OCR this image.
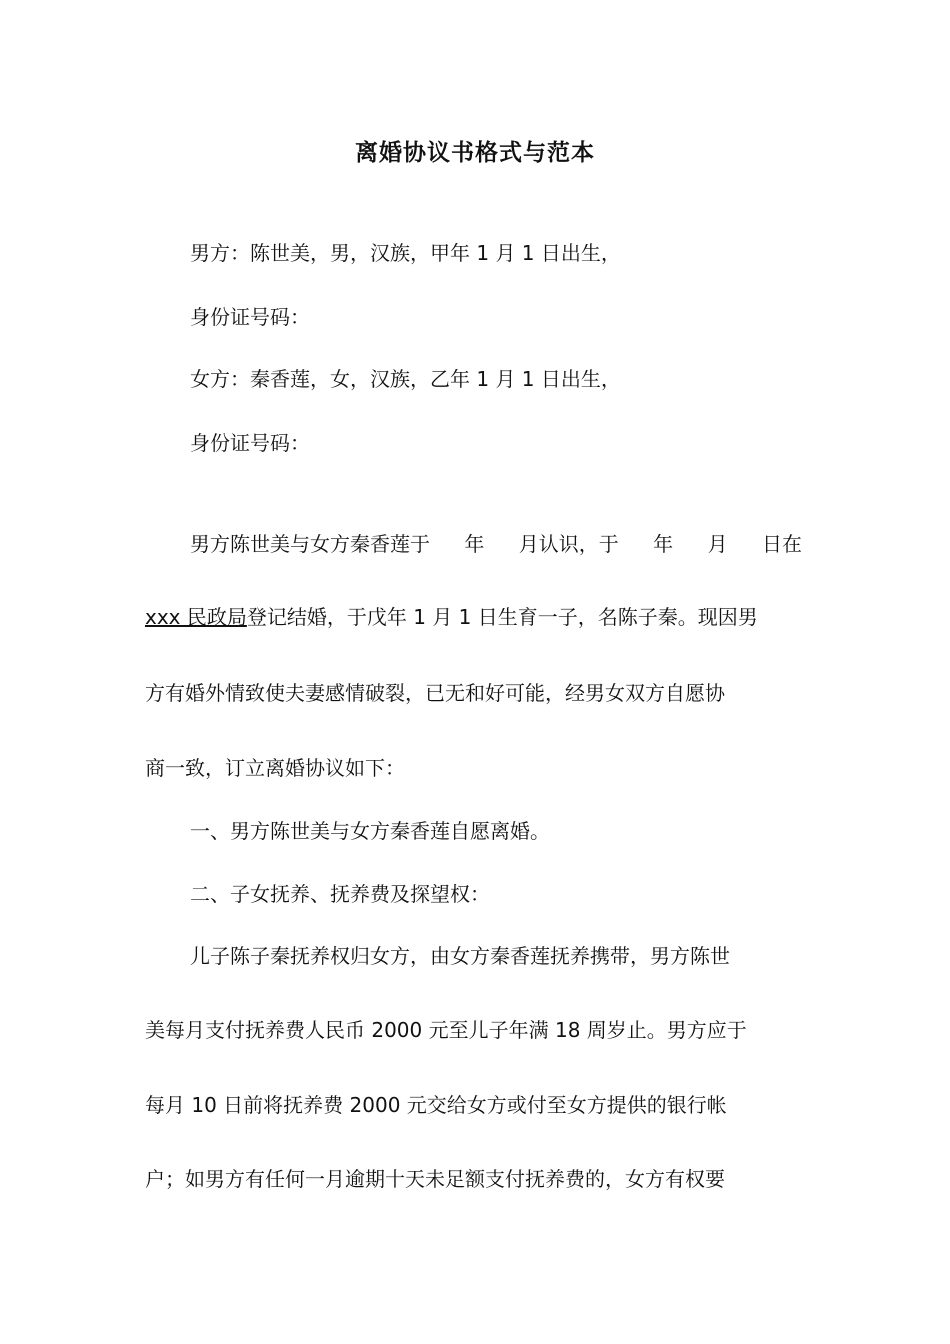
离婚协议书格式与范本
男方：陈世美，男，汉族，甲年 1 月 1 日出生，
身份证号码：
女方：秦香莲，女，汉族，乙年 1 月 1 日出生，
身份证号码：
男方陈世美与女方秦香莲于 年 月认识，于 年 月 日在
xxx 民政局登记结婚，于戊年 1 月 1 日生育一子，名陈子秦。现因男
方有婚外情致使夫妻感情破裂，已无和好可能，经男女双方自愿协
商一致，订立离婚协议如下：
一、男方陈世美与女方秦香莲自愿离婚。
二、子女抚养、抚养费及探望权：
儿子陈子秦抚养权归女方，由女方秦香莲抚养携带，男方陈世
美每月支付抚养费人民币 2000 元至儿子年满 18 周岁止。男方应于
每月 10 日前将抚养费 2000 元交给女方或付至女方提供的银行帐
户；如男方有任何一月逾期十天未足额支付抚养费的，女方有权要
